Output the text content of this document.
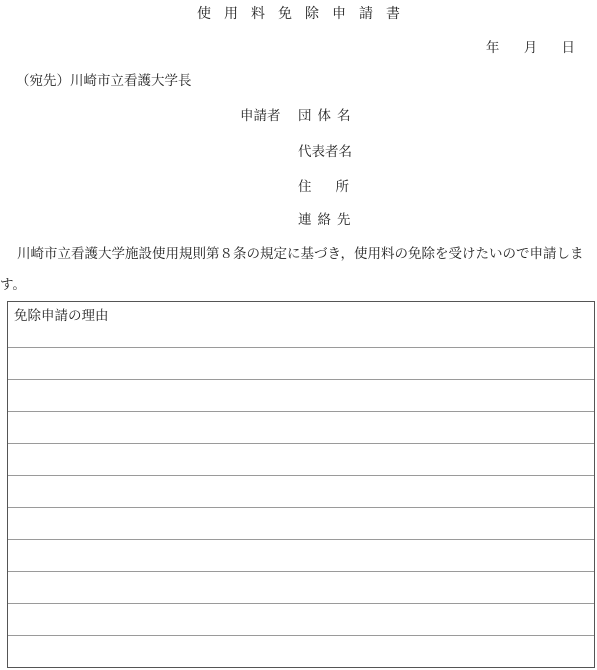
使用料免除申請書
年 月 日
（宛先）川崎市立看護大学長
申請者 団体名
代表者名
住所
連絡先

川崎市立看護大学施設使用規則第８条の規定に基づき，使用料の免除を受けたいので申請します。

免除申請の理由
